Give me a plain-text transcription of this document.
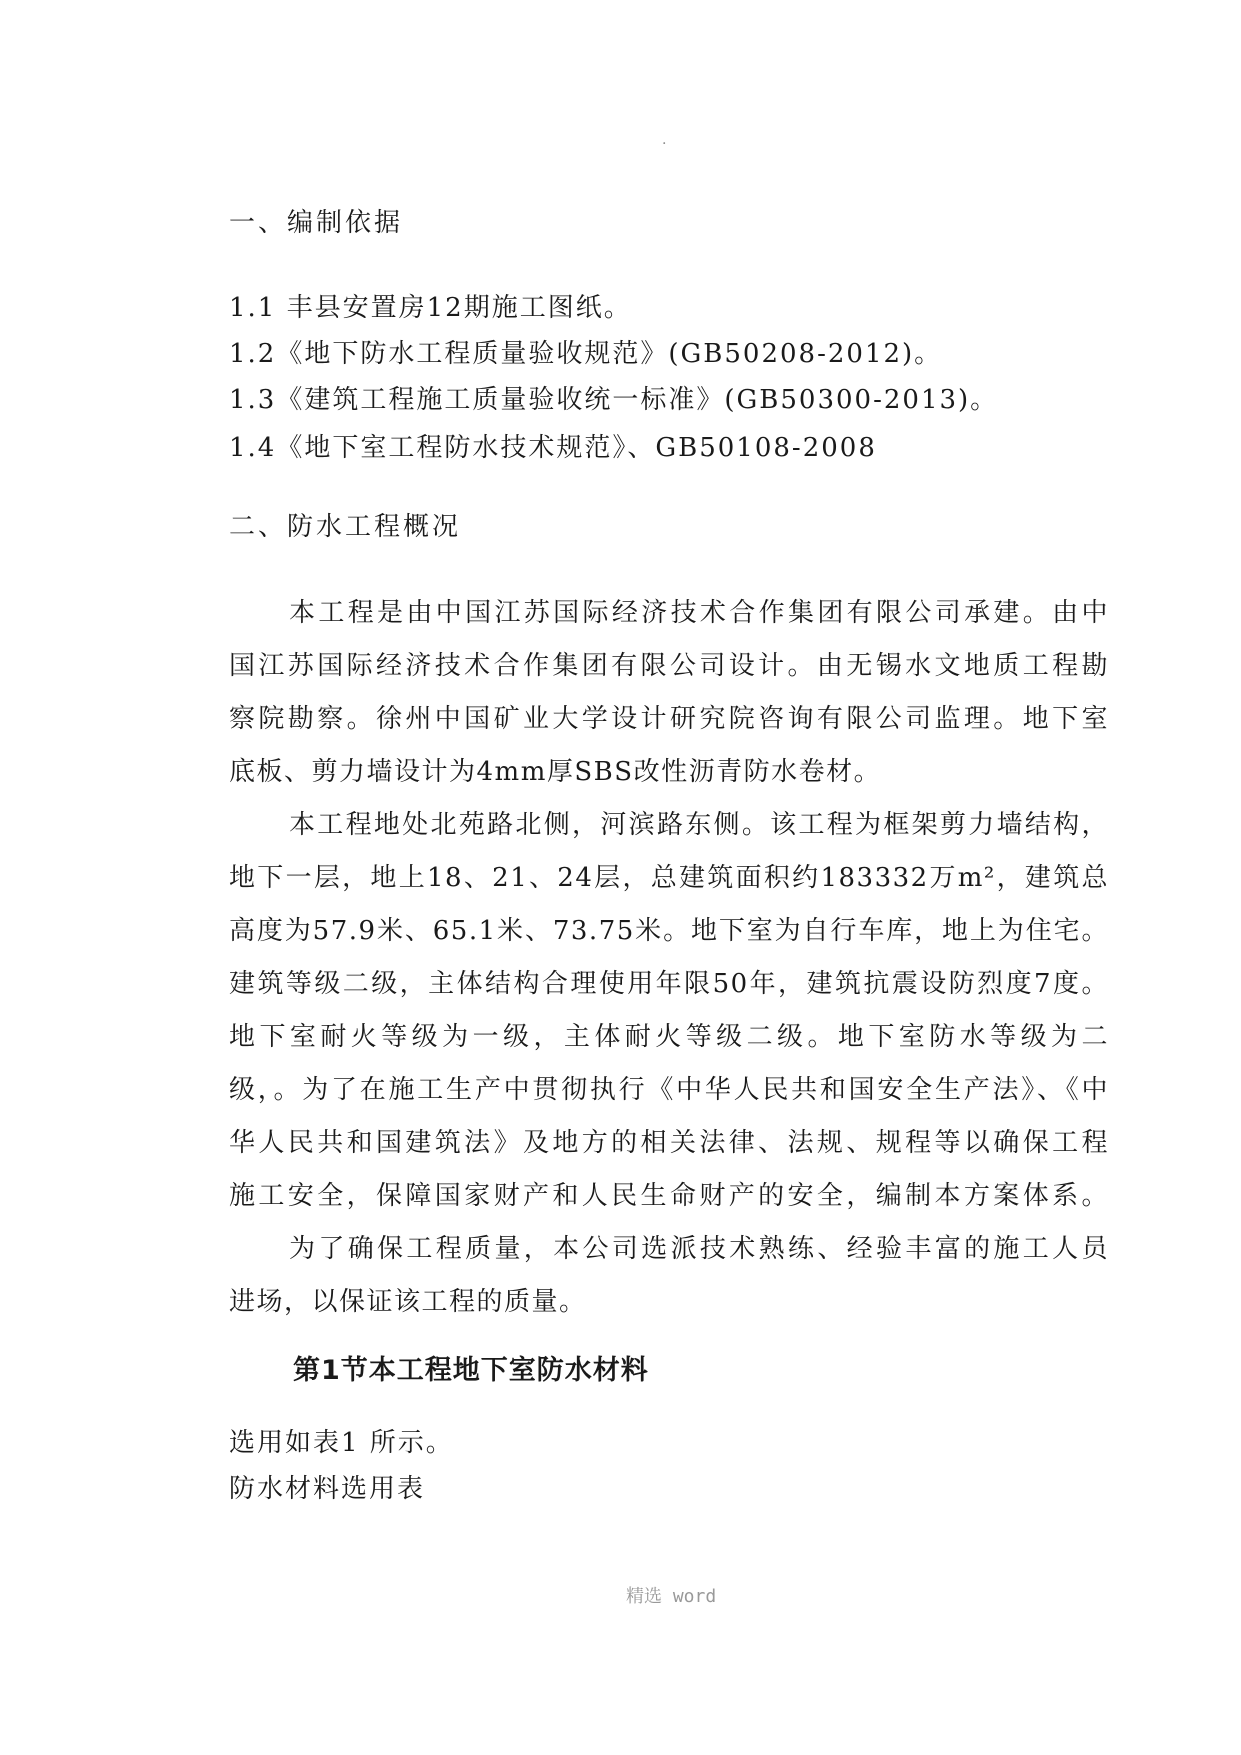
.
一、编制依据
1.1 丰县安置房12期施工图纸。
1.2《地下防水工程质量验收规范》(GB50208-2012)。
1.3《建筑工程施工质量验收统一标准》(GB50300-2013)。
1.4《地下室工程防水技术规范》、GB50108-2008
二、防水工程概况
本工程是由中国江苏国际经济技术合作集团有限公司承建。由中
国江苏国际经济技术合作集团有限公司设计。由无锡水文地质工程勘
察院勘察。徐州中国矿业大学设计研究院咨询有限公司监理。地下室
底板、剪力墙设计为4mm厚SBS改性沥青防水卷材。
本工程地处北苑路北侧，河滨路东侧。该工程为框架剪力墙结构，
地下一层，地上18、21、24层，总建筑面积约183332万m²，建筑总
高度为57.9米、65.1米、73.75米。地下室为自行车库，地上为住宅。
建筑等级二级，主体结构合理使用年限50年，建筑抗震设防烈度7度。
地下室耐火等级为一级，主体耐火等级二级。地下室防水等级为二
级，。为了在施工生产中贯彻执行《中华人民共和国安全生产法》、《中
华人民共和国建筑法》及地方的相关法律、法规、规程等以确保工程
施工安全，保障国家财产和人民生命财产的安全，编制本方案体系。
为了确保工程质量，本公司选派技术熟练、经验丰富的施工人员
进场，以保证该工程的质量。
第1节本工程地下室防水材料
选用如表1 所示。
防水材料选用表
精选 word
